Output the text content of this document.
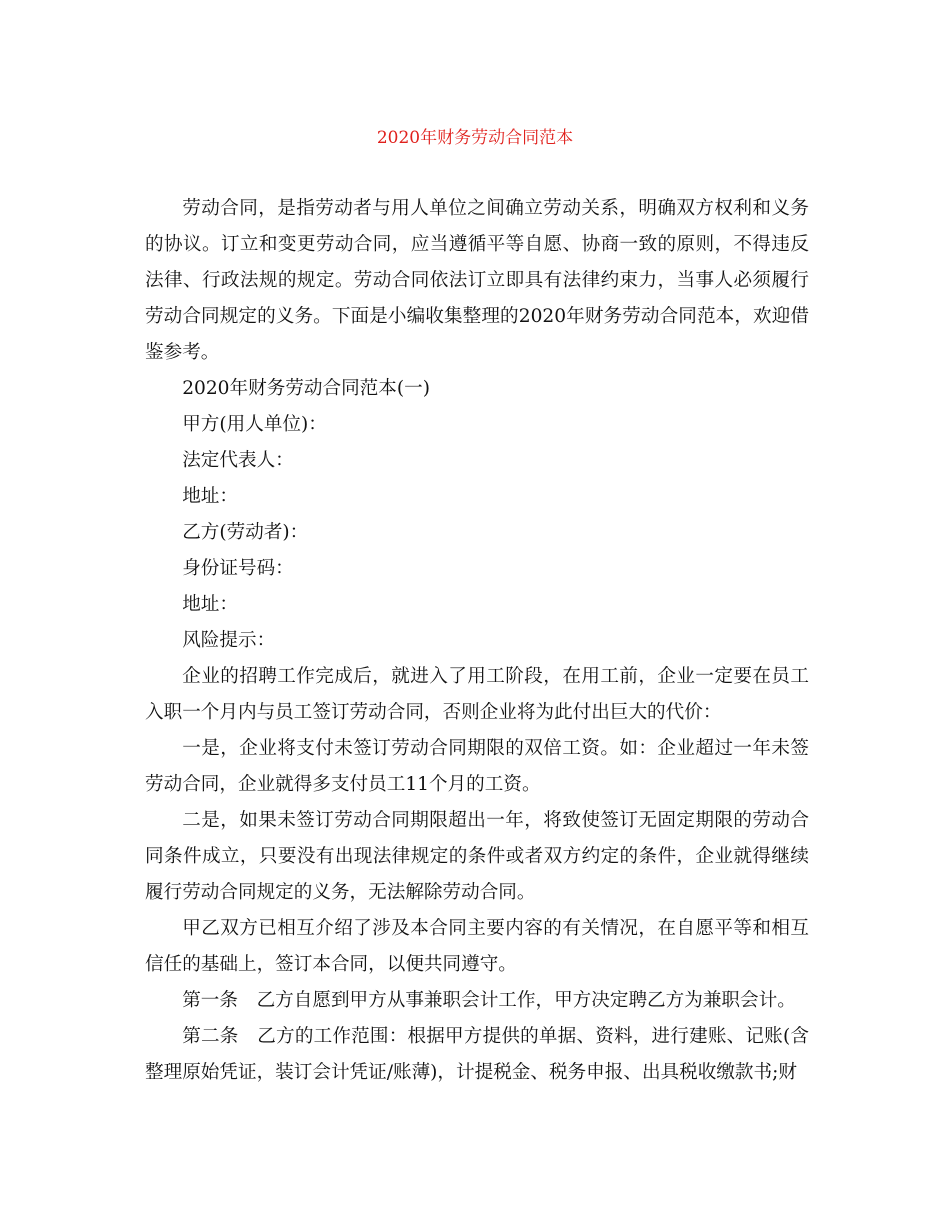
2020年财务劳动合同范本

劳动合同，是指劳动者与用人单位之间确立劳动关系，明确双方权利和义务的协议。订立和变更劳动合同，应当遵循平等自愿、协商一致的原则，不得违反法律、行政法规的规定。劳动合同依法订立即具有法律约束力，当事人必须履行劳动合同规定的义务。下面是小编收集整理的2020年财务劳动合同范本，欢迎借鉴参考。

2020年财务劳动合同范本(一)

甲方(用人单位)：

法定代表人：

地址：

乙方(劳动者)：

身份证号码：

地址：

风险提示：

企业的招聘工作完成后，就进入了用工阶段，在用工前，企业一定要在员工入职一个月内与员工签订劳动合同，否则企业将为此付出巨大的代价：

一是，企业将支付未签订劳动合同期限的双倍工资。如：企业超过一年未签劳动合同，企业就得多支付员工11个月的工资。

二是，如果未签订劳动合同期限超出一年，将致使签订无固定期限的劳动合同条件成立，只要没有出现法律规定的条件或者双方约定的条件，企业就得继续履行劳动合同规定的义务，无法解除劳动合同。

甲乙双方已相互介绍了涉及本合同主要内容的有关情况，在自愿平等和相互信任的基础上，签订本合同，以便共同遵守。

第一条　乙方自愿到甲方从事兼职会计工作，甲方决定聘乙方为兼职会计。

第二条　乙方的工作范围：根据甲方提供的单据、资料，进行建账、记账(含整理原始凭证，装订会计凭证/账薄)，计提税金、税务申报、出具税收缴款书;财
